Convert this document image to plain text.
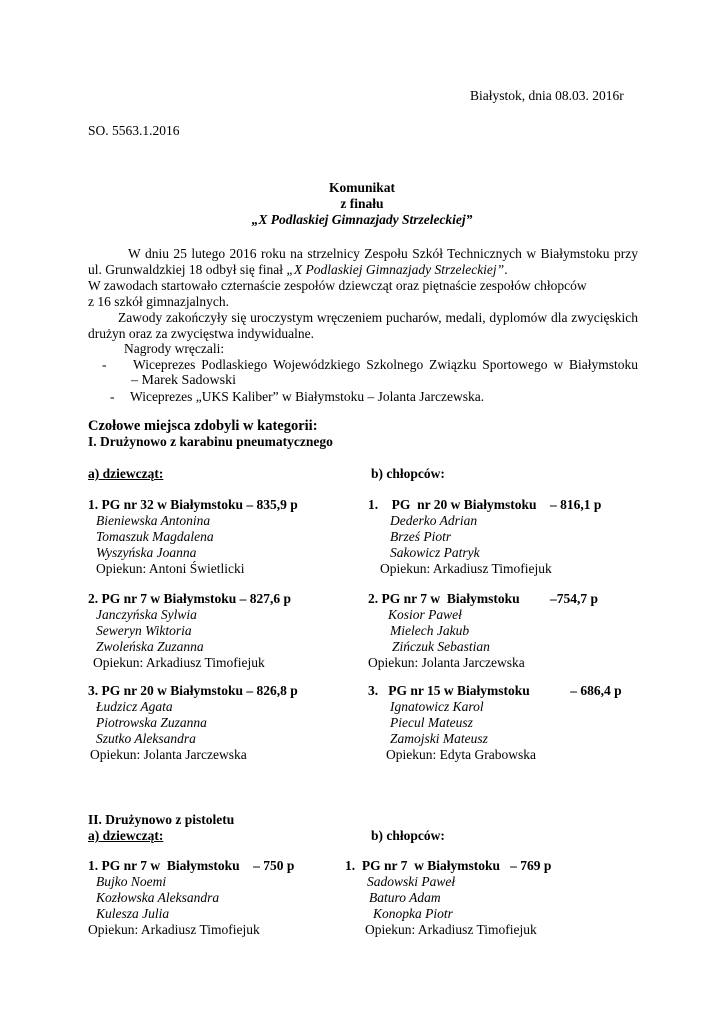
Białystok, dnia 08.03. 2016r
SO. 5563.1.2016
Komunikat
z finału
„X Podlaskiej Gimnazjady Strzeleckiej”
W dniu 25 lutego 2016 roku na strzelnicy Zespołu Szkół Technicznych w Białymstoku przy ul. Grunwaldzkiej 18 odbył się finał „X Podlaskiej Gimnazjady Strzeleckiej”.
W zawodach startowało czternaście zespołów dziewcząt oraz piętnaście zespołów chłopców
z 16 szkół gimnazjalnych.
Zawody zakończyły się uroczystym wręczeniem pucharów, medali, dyplomów dla zwycięskich drużyn oraz za zwycięstwa indywidualne.
Nagrody wręczali:
- Wiceprezes Podlaskiego Wojewódzkiego Szkolnego Związku Sportowego w Białymstoku
– Marek Sadowski
- Wiceprezes „UKS Kaliber” w Białymstoku – Jolanta Jarczewska.
Czołowe miejsca zdobyli w kategorii:
I. Drużynowo z karabinu pneumatycznego
a) dziewcząt:	b) chłopców:
1. PG nr 32 w Białymstoku – 835,9 p
Bieniewska Antonina
Tomaszuk Magdalena
Wyszyńska Joanna
Opiekun: Antoni Świetlicki
2. PG nr 7 w Białymstoku – 827,6 p
Janczyńska Sylwia
Seweryn Wiktoria
Zwoleńska Zuzanna
Opiekun: Arkadiusz Timofiejuk
3. PG nr 20 w Białymstoku – 826,8 p
Łudzicz Agata
Piotrowska Zuzanna
Szutko Aleksandra
Opiekun: Jolanta Jarczewska
1.    PG  nr 20 w Białymstoku    – 816,1 p
Dederko Adrian
Brześ Piotr
Sakowicz Patryk
Opiekun: Arkadiusz Timofiejuk
2. PG nr 7 w  Białymstoku         –754,7 p
Kosior Paweł
Mielech Jakub
Zińczuk Sebastian
Opiekun: Jolanta Jarczewska
3.   PG nr 15 w Białymstoku            – 686,4 p
Ignatowicz Karol
Piecul Mateusz
Zamojski Mateusz
Opiekun: Edyta Grabowska
II. Drużynowo z pistoletu
a) dziewcząt:	b) chłopców:
1. PG nr 7 w  Białymstoku    – 750 p
Bujko Noemi
Kozłowska Aleksandra
Kulesza Julia
Opiekun: Arkadiusz Timofiejuk
1.  PG nr 7  w Białymstoku   – 769 p
Sadowski Paweł
Baturo Adam
Konopka Piotr
Opiekun: Arkadiusz Timofiejuk
